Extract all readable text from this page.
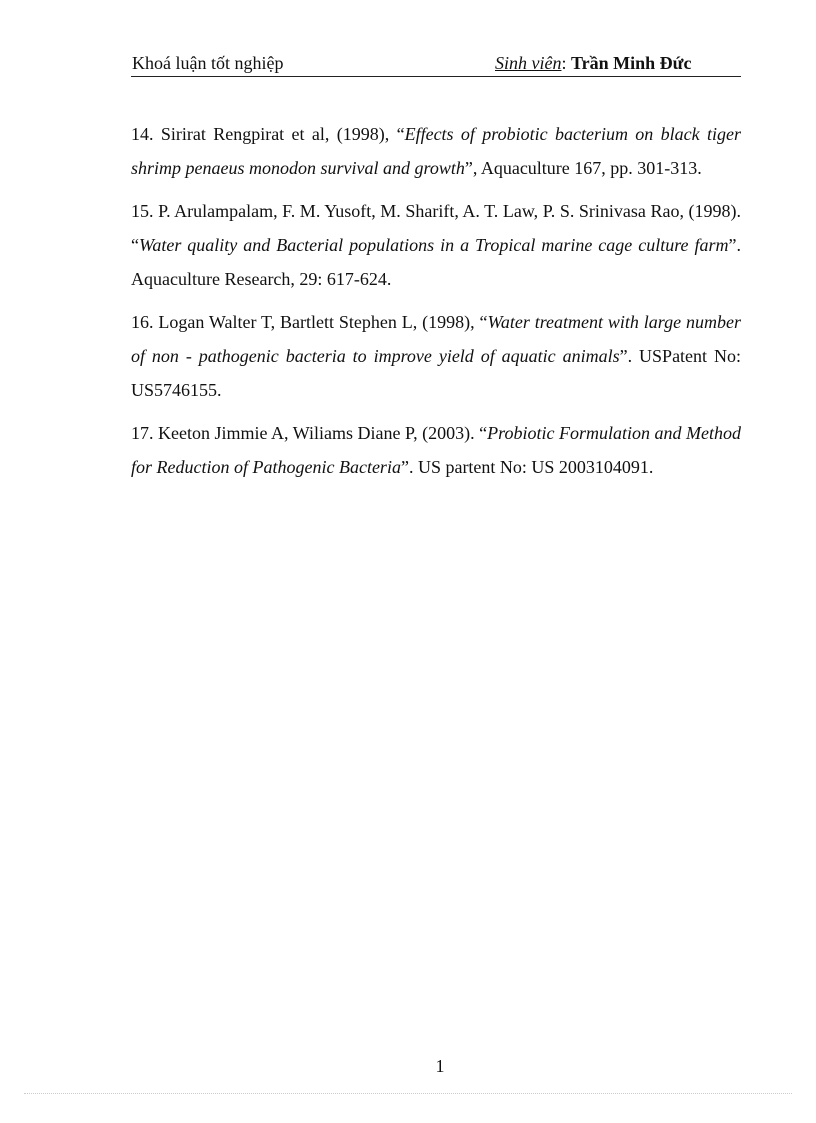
Khoá luận tốt nghiệp	Sinh viên: Trần Minh Đức

14. Sirirat Rengpirat et al, (1998), “Effects of probiotic bacterium on black tiger shrimp penaeus monodon survival and growth”, Aquaculture 167, pp. 301-313.

15. P. Arulampalam, F. M. Yusoft, M. Sharift, A. T. Law, P. S. Srinivasa Rao, (1998). “Water quality and Bacterial populations in a Tropical marine cage culture farm”. Aquaculture Research, 29: 617-624.

16. Logan Walter T, Bartlett Stephen L, (1998), “Water treatment with large number of non - pathogenic bacteria to improve yield of aquatic animals”. USPatent No: US5746155.

17. Keeton Jimmie A, Wiliams Diane P, (2003). “Probiotic Formulation and Method for Reduction of Pathogenic Bacteria”. US partent No: US 2003104091.

1
